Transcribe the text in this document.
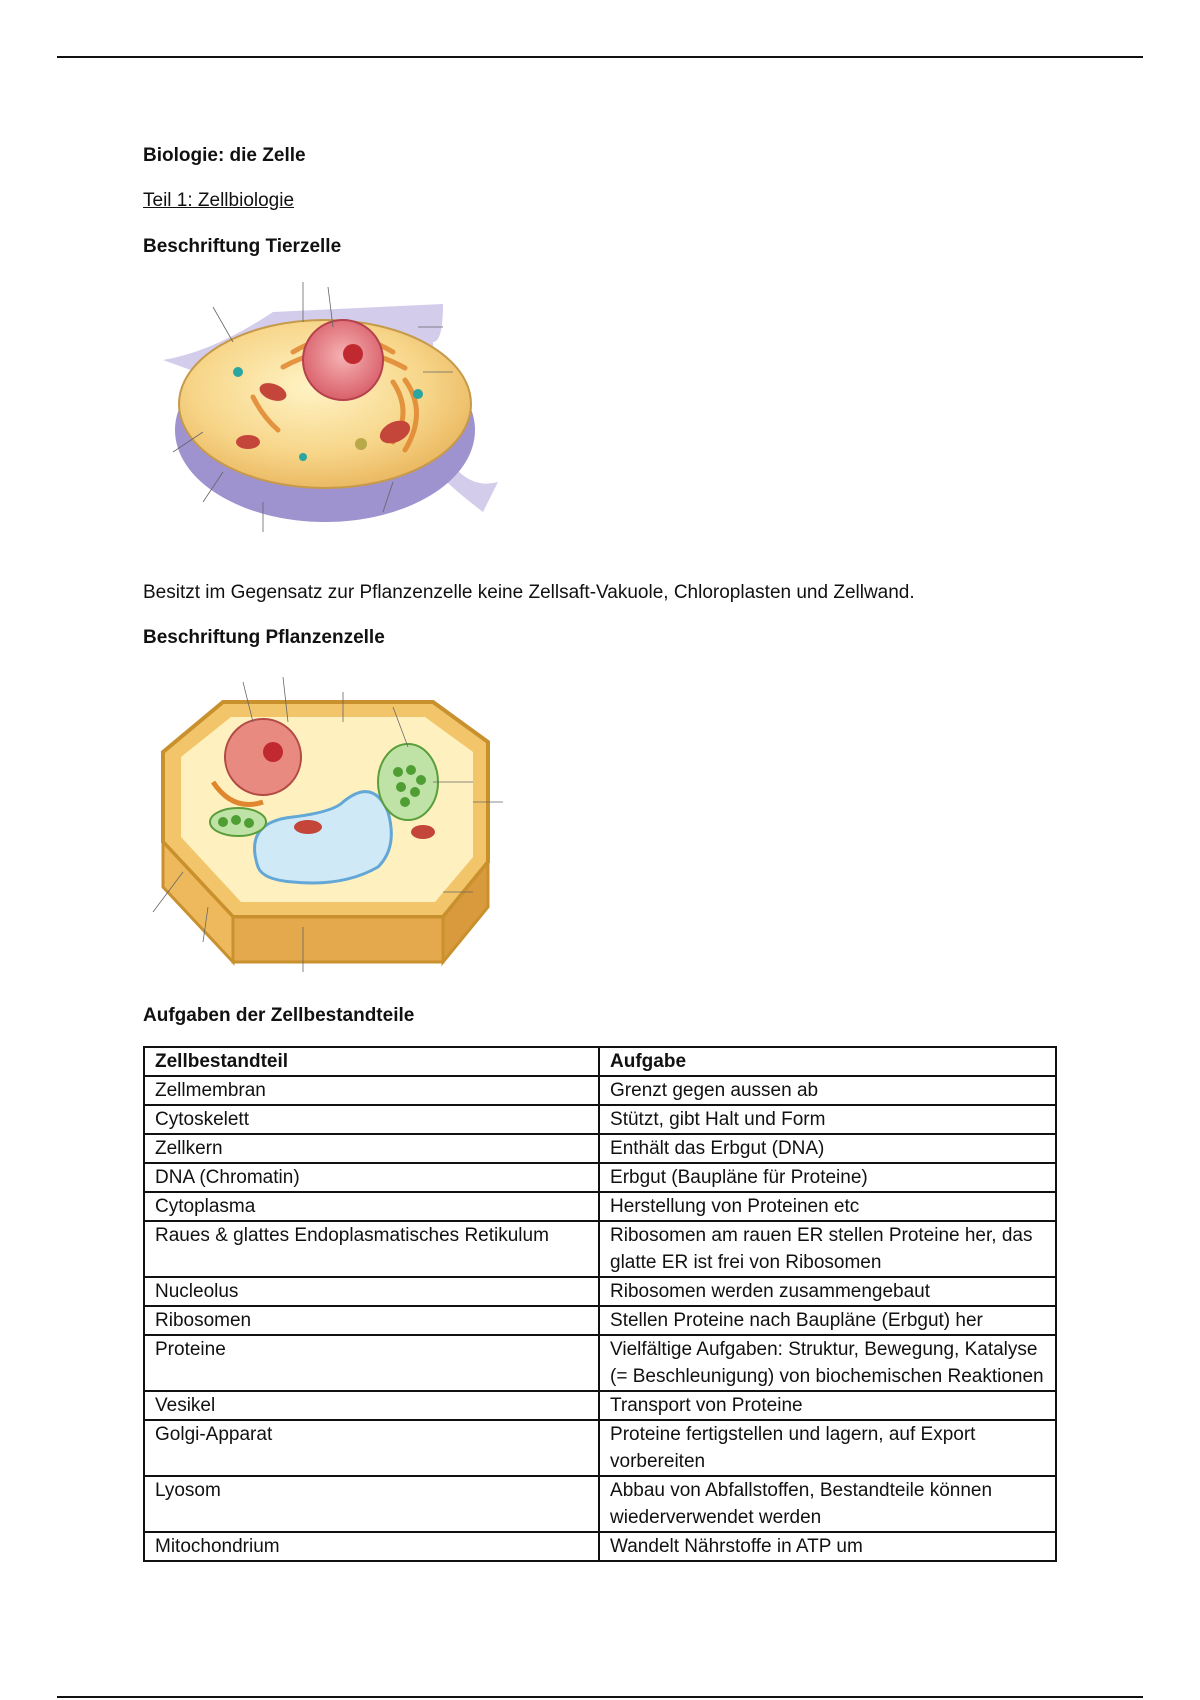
Biologie: die Zelle
Teil 1: Zellbiologie
Beschriftung Tierzelle
Besitzt im Gegensatz zur Pflanzenzelle keine Zellsaft-Vakuole, Chloroplasten und Zellwand.
Beschriftung Pflanzenzelle
Aufgaben der Zellbestandteile
Zellbestandteil	Aufgabe
Zellmembran	Grenzt gegen aussen ab
Cytoskelett	Stützt, gibt Halt und Form
Zellkern	Enthält das Erbgut (DNA)
DNA (Chromatin)	Erbgut (Baupläne für Proteine)
Cytoplasma	Herstellung von Proteinen etc
Raues & glattes Endoplasmatisches Retikulum	Ribosomen am rauen ER stellen Proteine her, das glatte ER ist frei von Ribosomen
Nucleolus	Ribosomen werden zusammengebaut
Ribosomen	Stellen Proteine nach Baupläne (Erbgut) her
Proteine	Vielfältige Aufgaben: Struktur, Bewegung, Katalyse (= Beschleunigung) von biochemischen Reaktionen
Vesikel	Transport von Proteine
Golgi-Apparat	Proteine fertigstellen und lagern, auf Export vorbereiten
Lyosom	Abbau von Abfallstoffen, Bestandteile können wiederverwendet werden
Mitochondrium	Wandelt Nährstoffe in ATP um
